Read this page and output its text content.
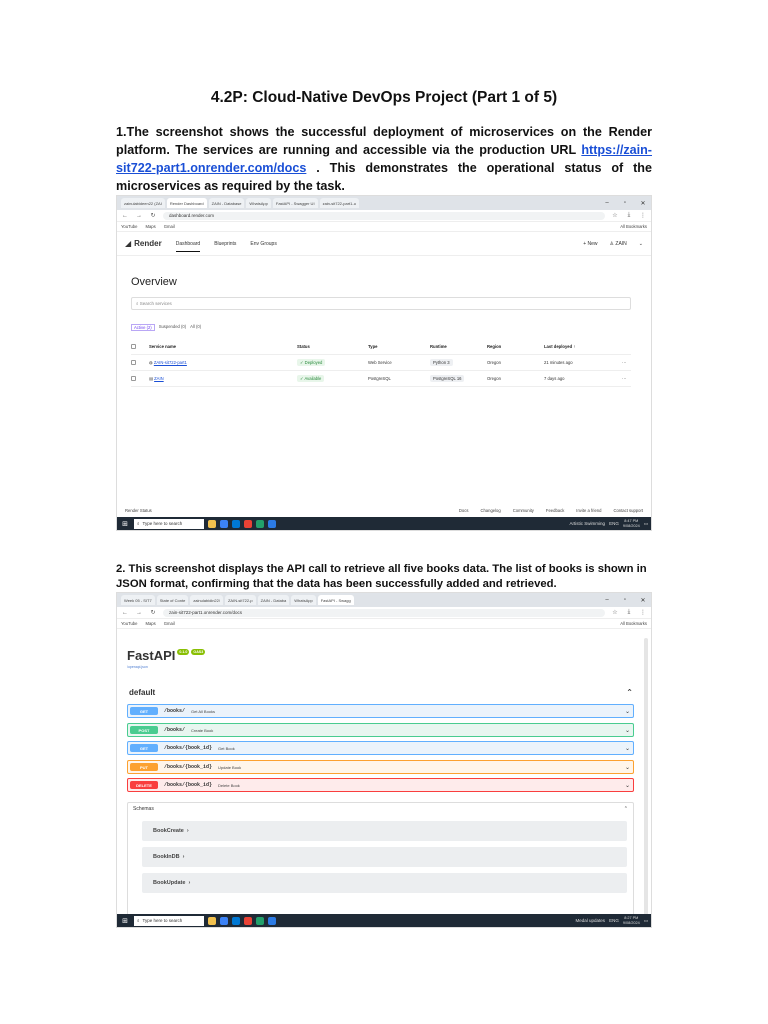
4.2P: Cloud-Native DevOps Project (Part 1 of 5)
1.The screenshot shows the successful deployment of microservices on the Render platform. The services are running and accessible via the production URL https://zain-sit722-part1.onrender.com/docs . This demonstrates the operational status of the microservices as required by the task.
zainulabideen22 (ZAI	Render Dashboard	ZAIN - Database	WhatsApp	FastAPI - Swagger UI	zain-sit722-part1-u	–	▫	✕
← → ↻	dashboard.render.com	☆	⤓	⋮
YouTube Maps Gmail	All Bookmarks
◢ Render	Dashboard	Blueprints	Env Groups	+ New ♙ ZAIN ⌄
Overview
⌕ Search services
Active (2)	Suspended (0) All (0)
Service name	Status	Type	Runtime	Region	Last deployed ↑
◍ ZAIN-sit722-part1	✓ Deployed	Web Service	Python 3	Oregon	21 minutes ago	⋯
▤ ZAIN	✓ Available	PostgreSQL	PostgreSQL 16	Oregon	7 days ago	⋯
Render Status	Docs	Changelog	Community	Feedback	Invite a friend	Contact support
⊞	⌕ Type here to search	Artistic Swimming ENG	8:47 PM
9/08/2024 ▭
2. This screenshot displays the API call to retrieve all five books data. The list of books is shown in JSON format, confirming that the data has been successfully added and retrieved.
Week 05 - SIT7	State of Conte	zainulabidin22/	ZAIN-sit722-p	ZAIN - Databa	WhatsApp	FastAPI - Swagg	–	▫	✕
← → ↻	zain-sit722-part1.onrender.com/docs	☆	⤓	⋮
YouTube Maps Gmail	All Bookmarks
FastAPI	0.1.0	OAS3
/openapi.json
default	⌃
GET	/books/ Get All Books	⌄
POST	/books/ Create Book	⌄
GET	/books/{book_id} Get Book	⌄
PUT	/books/{book_id} Update Book	⌄
DELETE	/books/{book_id} Delete Book	⌄
Schemas	⌃
BookCreate ›
BookInDB ›
BookUpdate ›
⊞	⌕ Type here to search	Medal updates ENG	8:27 PM
9/08/2024 ▭
